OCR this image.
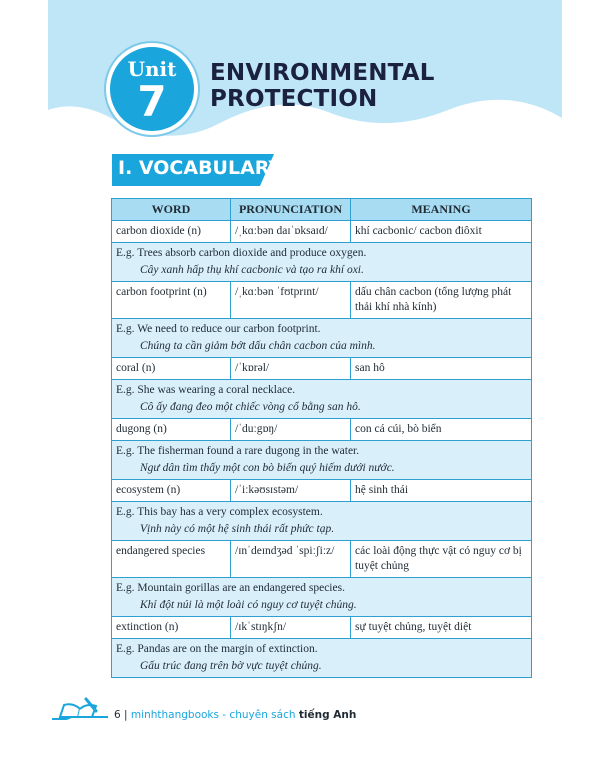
Unit
7
ENVIRONMENTAL PROTECTION
I. VOCABULARY
WORD	PRONUNCIATION	MEANING
carbon dioxide (n)	/ˌkɑːbən daɪˈɒksaɪd/	khí cacbonic/ cacbon điôxit

E.g. Trees absorb carbon dioxide and produce oxygen.
Cây xanh hấp thụ khí cacbonic và tạo ra khí oxi.		

carbon footprint (n)	/ˌkɑːbən ˈfʊtprɪnt/	dấu chân cacbon (tổng lượng phát thải khí nhà kính)

E.g. We need to reduce our carbon footprint.
Chúng ta cần giảm bớt dấu chân cacbon của mình.		

coral (n)	/ˈkɒrəl/	san hô

E.g. She was wearing a coral necklace.
Cô ấy đang đeo một chiếc vòng cổ bằng san hô.		

dugong (n)	/ˈduːgɒŋ/	con cá cúi, bò biển

E.g. The fisherman found a rare dugong in the water.
Ngư dân tìm thấy một con bò biển quý hiếm dưới nước.		

ecosystem (n)	/ˈiːkəʊsɪstəm/	hệ sinh thái

E.g. This bay has a very complex ecosystem.
Vịnh này có một hệ sinh thái rất phức tạp.		

endangered species	/ɪnˈdeɪndʒəd ˈspiːʃiːz/	các loài động thực vật có nguy cơ bị tuyệt chủng

E.g. Mountain gorillas are an endangered species.
Khỉ đột núi là một loài có nguy cơ tuyệt chủng.		

extinction (n)	/ɪkˈstɪŋkʃn/	sự tuyệt chủng, tuyệt diệt

E.g. Pandas are on the margin of extinction.
Gấu trúc đang trên bờ vực tuyệt chủng.		
6 | minhthangbooks - chuyên sách tiếng Anh
